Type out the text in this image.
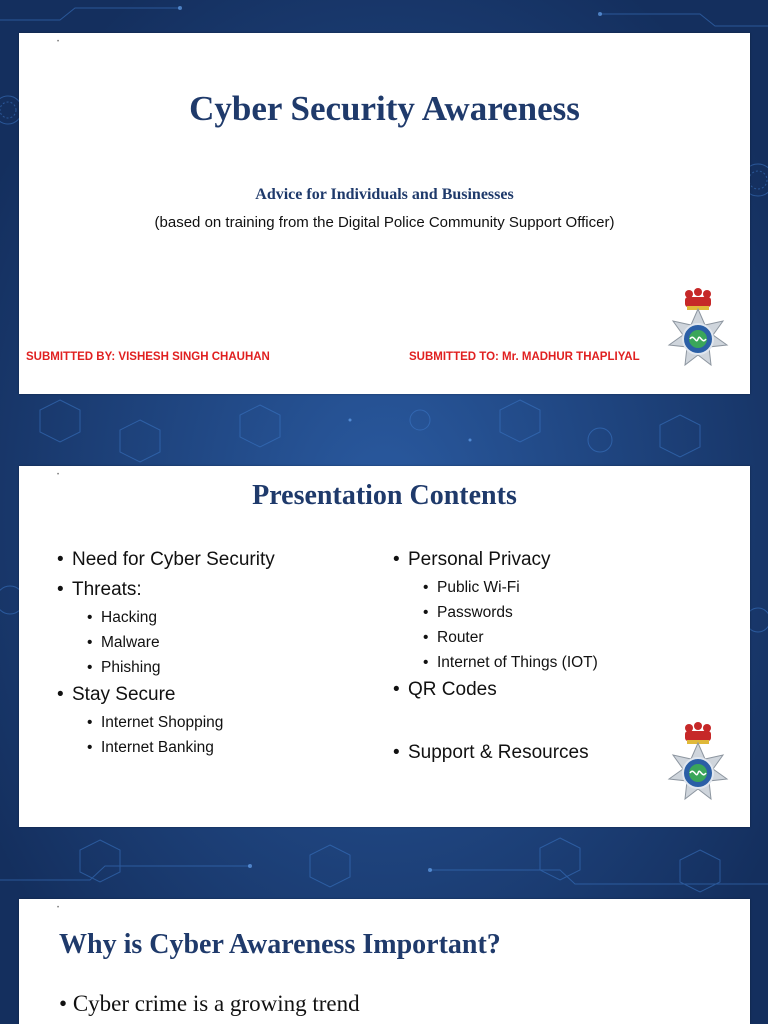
•
Cyber Security Awareness
Advice for Individuals and Businesses
(based on training from the Digital Police Community Support Officer)
SUBMITTED BY: VISHESH SINGH CHAUHAN	SUBMITTED TO: Mr. MADHUR THAPLIYAL
•
Presentation Contents
• Need for Cyber Security
• Threats:
• Hacking
• Malware
• Phishing
• Stay Secure
• Internet Shopping
• Internet Banking
• Personal Privacy
• Public Wi-Fi
• Passwords
• Router
• Internet of Things (IOT)
• QR Codes
• Support & Resources
•
Why is Cyber Awareness Important?
• Cyber crime is a growing trend
